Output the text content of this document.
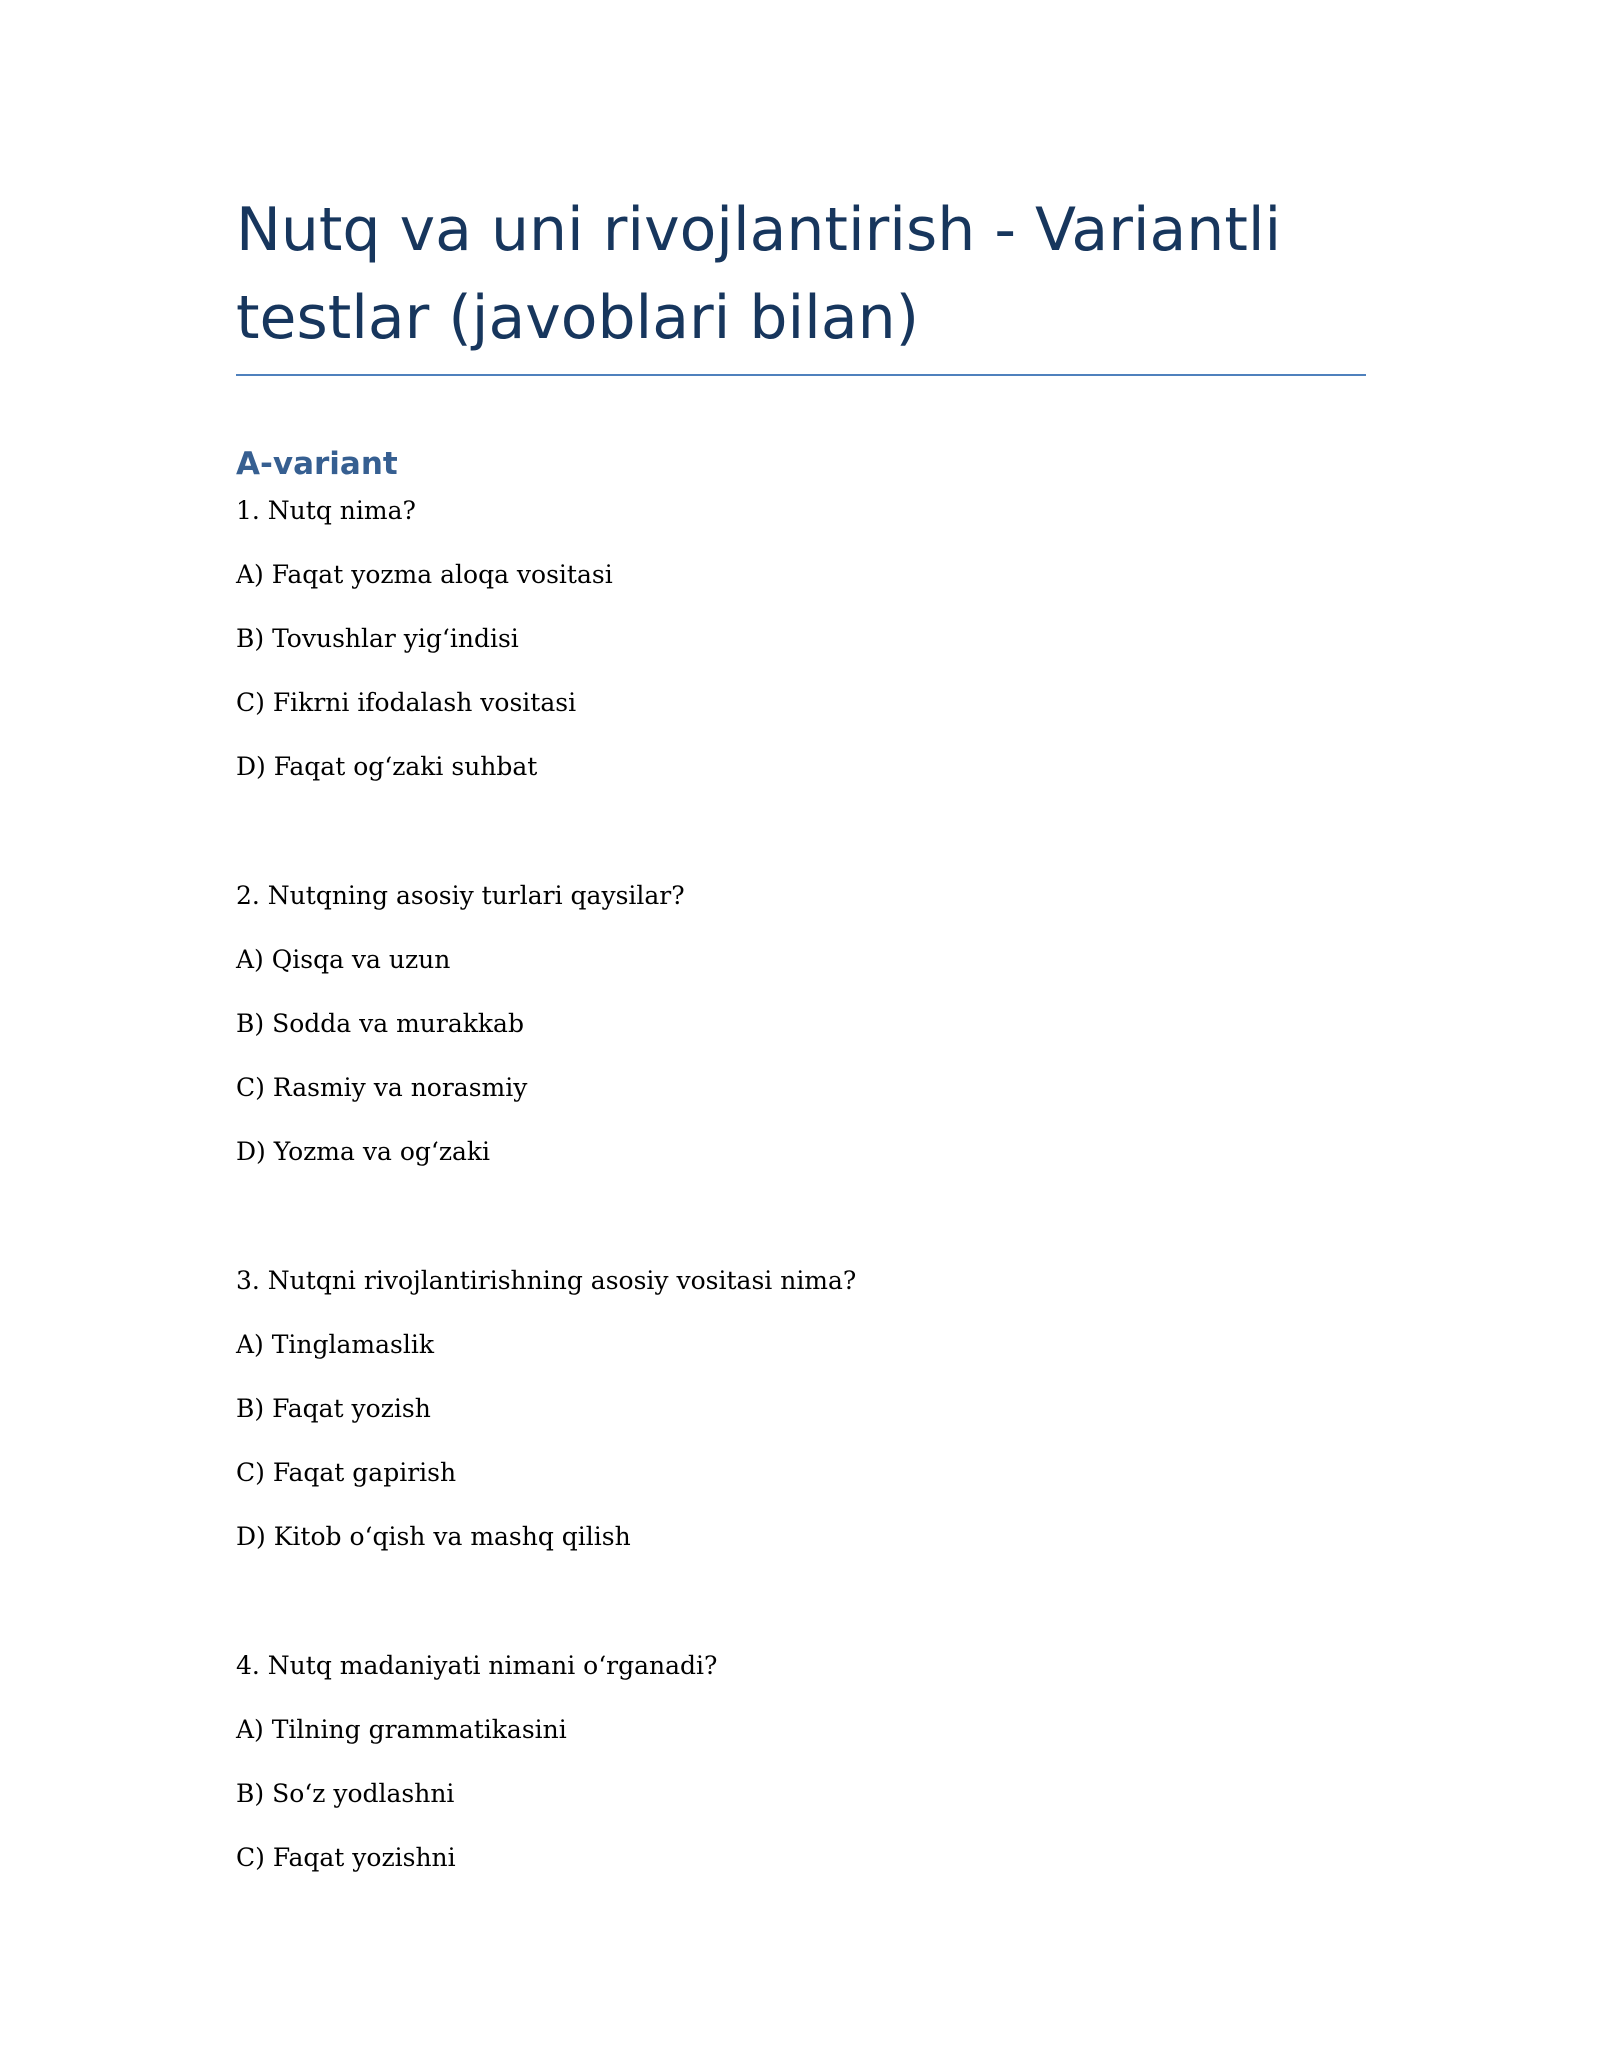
Nutq va uni rivojlantirish - Variantli testlar (javoblari bilan)
A-variant

1. Nutq nima?

A) Faqat yozma aloqa vositasi

B) Tovushlar yig‘indisi

C) Fikrni ifodalash vositasi

D) Faqat og‘zaki suhbat

2. Nutqning asosiy turlari qaysilar?

A) Qisqa va uzun

B) Sodda va murakkab

C) Rasmiy va norasmiy

D) Yozma va og‘zaki

3. Nutqni rivojlantirishning asosiy vositasi nima?

A) Tinglamaslik

B) Faqat yozish

C) Faqat gapirish

D) Kitob o‘qish va mashq qilish

4. Nutq madaniyati nimani o‘rganadi?

A) Tilning grammatikasini

B) So‘z yodlashni

C) Faqat yozishni
